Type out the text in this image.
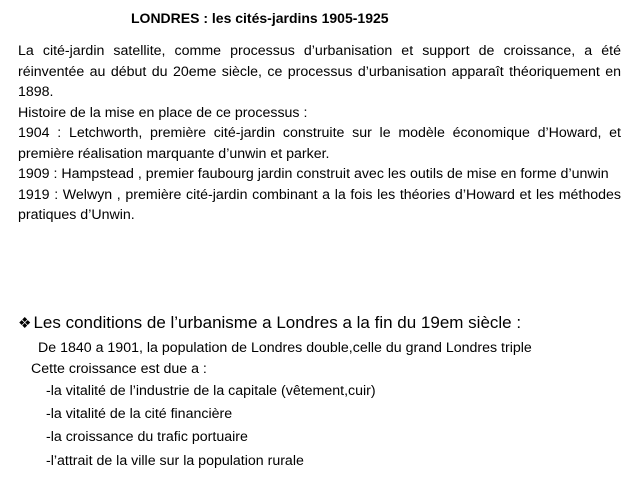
LONDRES : les cités-jardins 1905-1925

La cité-jardin satellite, comme processus d’urbanisation et support de croissance, a été réinventée au début du 20eme siècle, ce processus d’urbanisation apparaît théoriquement en 1898.

Histoire de la mise en place de ce processus :

1904 : Letchworth, première cité-jardin construite sur le modèle économique d’Howard, et première réalisation marquante d’unwin et parker.

1909 : Hampstead , premier faubourg jardin construit avec les outils de mise en forme d’unwin

1919 : Welwyn , première cité-jardin combinant a la fois les théories d’Howard et les méthodes pratiques d’Unwin.

❖ Les conditions de l’urbanisme a Londres a la fin du 19em siècle :
De 1840 a 1901, la population de Londres double,celle du grand Londres triple
Cette croissance est due a :
-la vitalité de l’industrie de la capitale (vêtement,cuir)
-la vitalité de la cité financière
-la croissance du trafic portuaire
-l’attrait de la ville sur la population rurale
